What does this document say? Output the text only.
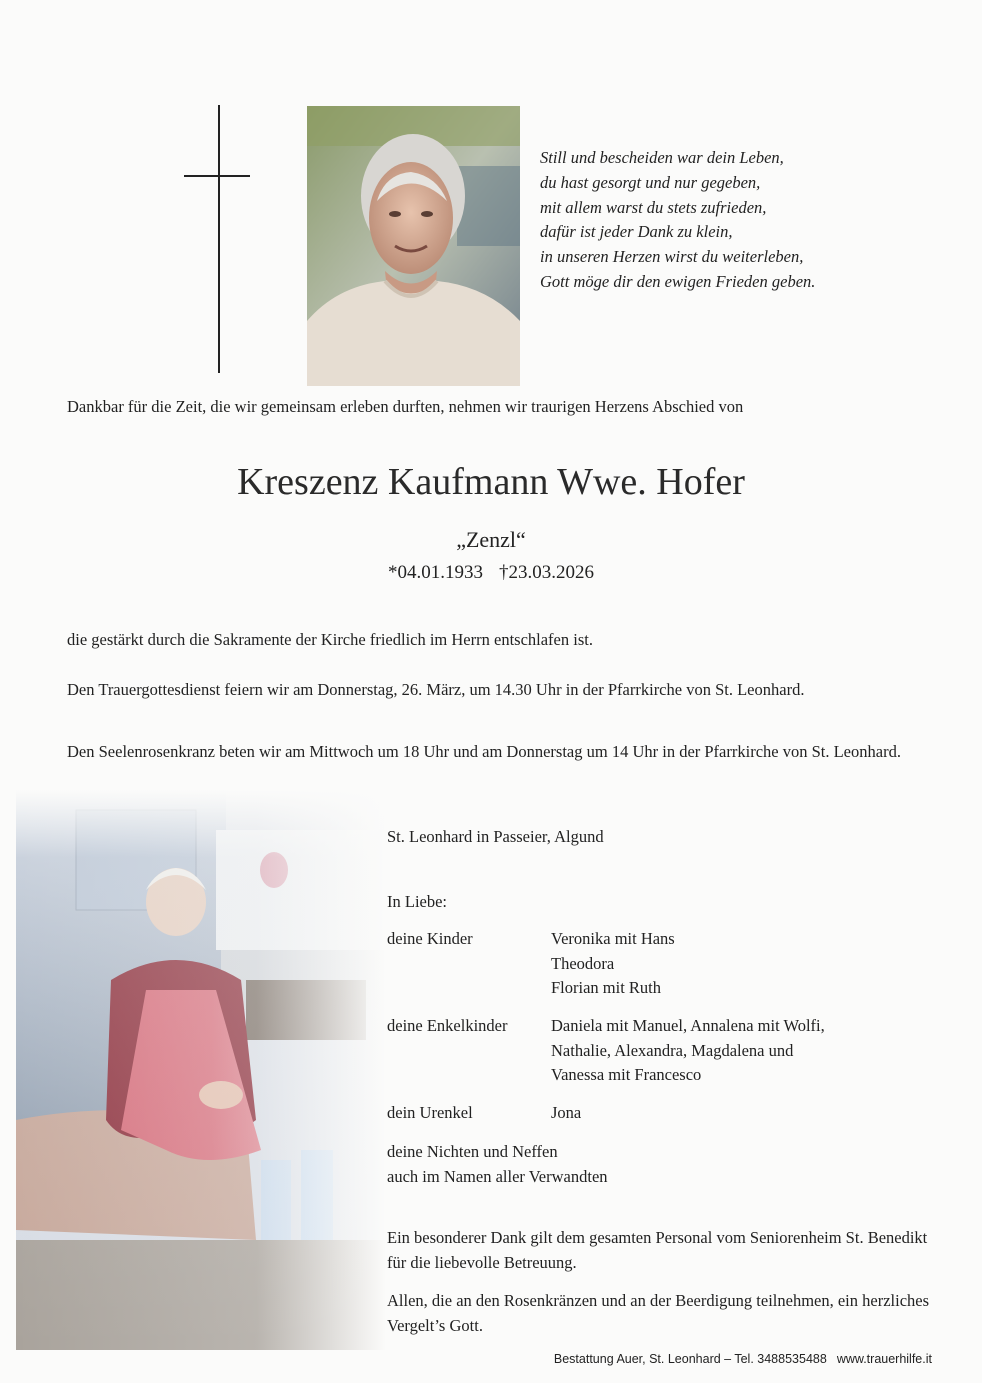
Still und bescheiden war dein Leben,
du hast gesorgt und nur gegeben,
mit allem warst du stets zufrieden,
dafür ist jeder Dank zu klein,
in unseren Herzen wirst du weiterleben,
Gott möge dir den ewigen Frieden geben.
Dankbar für die Zeit, die wir gemeinsam erleben durften, nehmen wir traurigen Herzens Abschied von
Kreszenz Kaufmann Wwe. Hofer
„Zenzl“
*04.01.1933 †23.03.2026
die gestärkt durch die Sakramente der Kirche friedlich im Herrn entschlafen ist.
Den Trauergottesdienst feiern wir am Donnerstag, 26. März, um 14.30 Uhr in der Pfarrkirche von St. Leonhard.
Den Seelenrosenkranz beten wir am Mittwoch um 18 Uhr und am Donnerstag um 14 Uhr in der Pfarrkirche von St. Leonhard.
St. Leonhard in Passeier, Algund
In Liebe:
deine Kinder	Veronika mit Hans
Theodora
Florian mit Ruth
deine Enkelkinder	Daniela mit Manuel, Annalena mit Wolfi,
Nathalie, Alexandra, Magdalena und
Vanessa mit Francesco
dein Urenkel	Jona
deine Nichten und Neffen
auch im Namen aller Verwandten
Ein besonderer Dank gilt dem gesamten Personal vom Seniorenheim St. Benedikt für die liebevolle Betreuung.
Allen, die an den Rosenkränzen und an der Beerdigung teilnehmen, ein herzliches Vergelt’s Gott.
Bestattung Auer, St. Leonhard – Tel. 3488535488 www.trauerhilfe.it
